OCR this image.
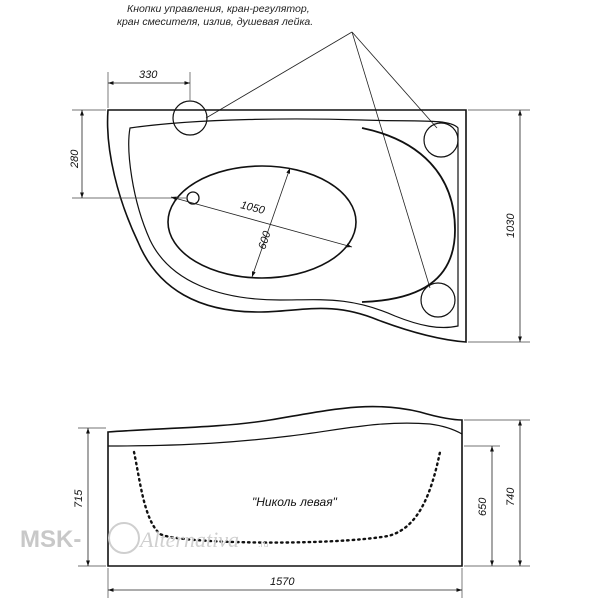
Кнопки управления, кран-регулятор,
кран смесителя, излив, душевая лейка.
330
280
1050
600
1030
"Николь левая"
715	650
740
1570
MSK-	Alternativa .ru
